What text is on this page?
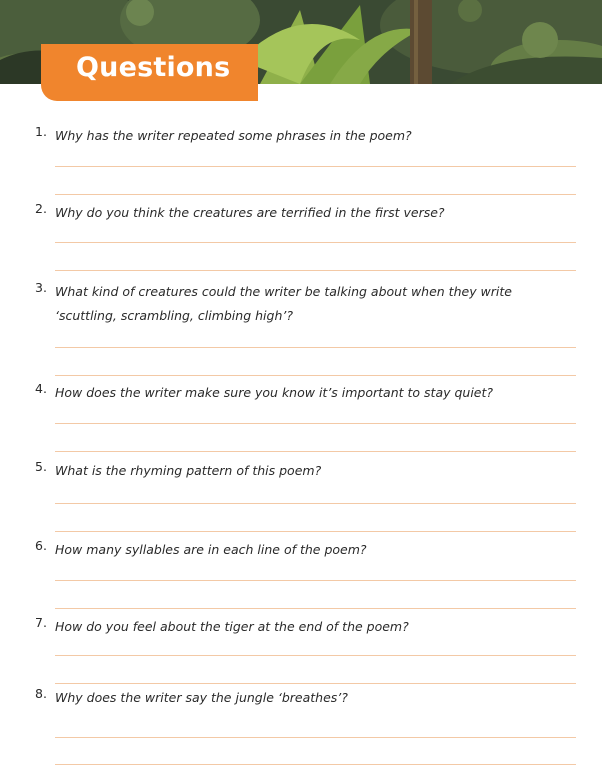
Questions
1. Why has the writer repeated some phrases in the poem?
2. Why do you think the creatures are terrified in the first verse?
3. What kind of creatures could the writer be talking about when they write ‘scuttling, scrambling, climbing high’?
4. How does the writer make sure you know it’s important to stay quiet?
5. What is the rhyming pattern of this poem?
6. How many syllables are in each line of the poem?
7. How do you feel about the tiger at the end of the poem?
8. Why does the writer say the jungle ‘breathes’?
